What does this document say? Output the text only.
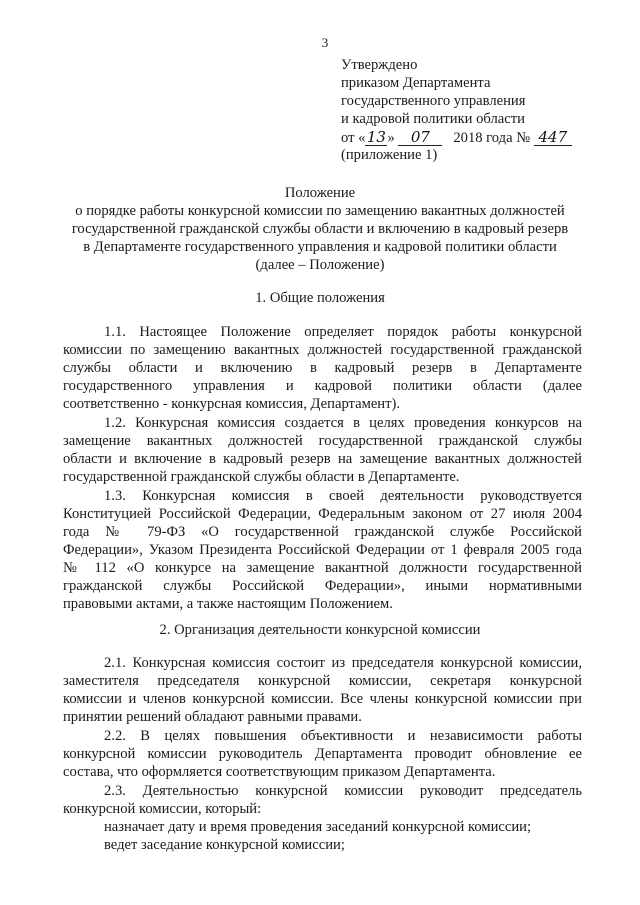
3
Утверждено
приказом Департамента
государственного управления
и кадровой политики области
от «13» 07 2018 года № 447
(приложение 1)
Положение
о порядке работы конкурсной комиссии по замещению вакантных должностей
государственной гражданской службы области и включению в кадровый резерв
в Департаменте государственного управления и кадровой политики области
(далее – Положение)
1. Общие положения
1.1. Настоящее Положение определяет порядок работы конкурсной
комиссии по замещению вакантных должностей государственной гражданской
службы области и включению в кадровый резерв в Департаменте
государственного управления и кадровой политики области (далее
соответственно - конкурсная комиссия, Департамент).
1.2. Конкурсная комиссия создается в целях проведения конкурсов на
замещение вакантных должностей государственной гражданской службы
области и включение в кадровый резерв на замещение вакантных должностей
государственной гражданской службы области в Департаменте.
1.3. Конкурсная комиссия в своей деятельности руководствуется
Конституцией Российской Федерации, Федеральным законом от 27 июля 2004
года № 79-ФЗ «О государственной гражданской службе Российской
Федерации», Указом Президента Российской Федерации от 1 февраля 2005 года
№ 112 «О конкурсе на замещение вакантной должности государственной
гражданской службы Российской Федерации», иными нормативными
правовыми актами, а также настоящим Положением.
2. Организация деятельности конкурсной комиссии
2.1. Конкурсная комиссия состоит из председателя конкурсной комиссии,
заместителя председателя конкурсной комиссии, секретаря конкурсной
комиссии и членов конкурсной комиссии. Все члены конкурсной комиссии при
принятии решений обладают равными правами.
2.2. В целях повышения объективности и независимости работы
конкурсной комиссии руководитель Департамента проводит обновление ее
состава, что оформляется соответствующим приказом Департамента.
2.3. Деятельностью конкурсной комиссии руководит председатель
конкурсной комиссии, который:
назначает дату и время проведения заседаний конкурсной комиссии;
ведет заседание конкурсной комиссии;
